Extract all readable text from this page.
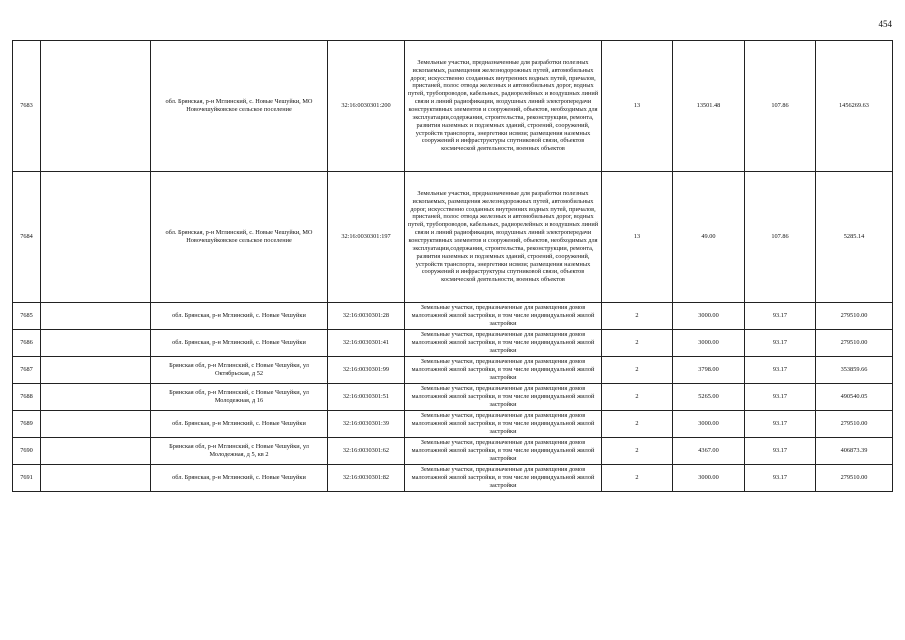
454
7683		обл. Брянская, р-н Мглинский, с. Новые Чешуйки, МО Новочешуйковское сельское поселение	32:16:0030301:200	Земельные участки, предназначенные для разработки полезных ископаемых, размещения железнодорожных путей, автомобильных дорог, искусственно созданных внутренних водных путей, причалов, пристаней, полос отвода железных и автомобильных дорог, водных путей, трубопроводов, кабельных, радиорелейных и воздушных линий связи и линий радиофикации, воздушных линий электропередачи конструктивных элементов и сооружений, объектов, необходимых для эксплуатации,содержания, строительства, реконструкции, ремонта, развития наземных и подземных зданий, строений, сооружений, устройств транспорта, энергетики исвязи; размещения наземных сооружений и инфраструктуры спутниковой связи, объектов космической деятельности, военных объектов	13	13501.48	107.86	1456269.63
7684		обл. Брянская, р-н Мглинский, с. Новые Чешуйки, МО Новочешуйковское сельское поселение	32:16:0030301:197	Земельные участки, предназначенные для разработки полезных ископаемых, размещения железнодорожных путей, автомобильных дорог, искусственно созданных внутренних водных путей, причалов, пристаней, полос отвода железных и автомобильных дорог, водных путей, трубопроводов, кабельных, радиорелейных и воздушных линий связи и линий радиофикации, воздушных линий электропередачи конструктивных элементов и сооружений, объектов, необходимых для эксплуатации,содержания, строительства, реконструкции, ремонта, развития наземных и подземных зданий, строений, сооружений, устройств транспорта, энергетики исвязи; размещения наземных сооружений и инфраструктуры спутниковой связи, объектов космической деятельности, военных объектов	13	49.00	107.86	5285.14
7685		обл. Брянская, р-н Мглинский, с. Новые Чешуйки	32:16:0030301:28	Земельные участки, предназначенные для размещения домов малоэтажной жилой застройки, в том числе индивидуальной жилой застройки	2	3000.00	93.17	279510.00
7686		обл. Брянская, р-н Мглинский, с. Новые Чешуйки	32:16:0030301:41	Земельные участки, предназначенные для размещения домов малоэтажной жилой застройки, в том числе индивидуальной жилой застройки	2	3000.00	93.17	279510.00
7687		Брянская обл, р-н Мглинский, с Новые Чешуйки, ул Октябрьская, д 52	32:16:0030301:99	Земельные участки, предназначенные для размещения домов малоэтажной жилой застройки, в том числе индивидуальной жилой застройки	2	3798.00	93.17	353859.66
7688		Брянская обл, р-н Мглинский, с Новые Чешуйки, ул Молодежная, д 16	32:16:0030301:51	Земельные участки, предназначенные для размещения домов малоэтажной жилой застройки, в том числе индивидуальной жилой застройки	2	5265.00	93.17	490540.05
7689		обл. Брянская, р-н Мглинский, с. Новые Чешуйки	32:16:0030301:39	Земельные участки, предназначенные для размещения домов малоэтажной жилой застройки, в том числе индивидуальной жилой застройки	2	3000.00	93.17	279510.00
7690		Брянская обл, р-н Мглинский, с Новые Чешуйки, ул Молодежная, д 5, кв 2	32:16:0030301:62	Земельные участки, предназначенные для размещения домов малоэтажной жилой застройки, в том числе индивидуальной жилой застройки	2	4367.00	93.17	406873.39
7691		обл. Брянская, р-н Мглинский, с. Новые Чешуйки	32:16:0030301:82	Земельные участки, предназначенные для размещения домов малоэтажной жилой застройки, в том числе индивидуальной жилой застройки	2	3000.00	93.17	279510.00
